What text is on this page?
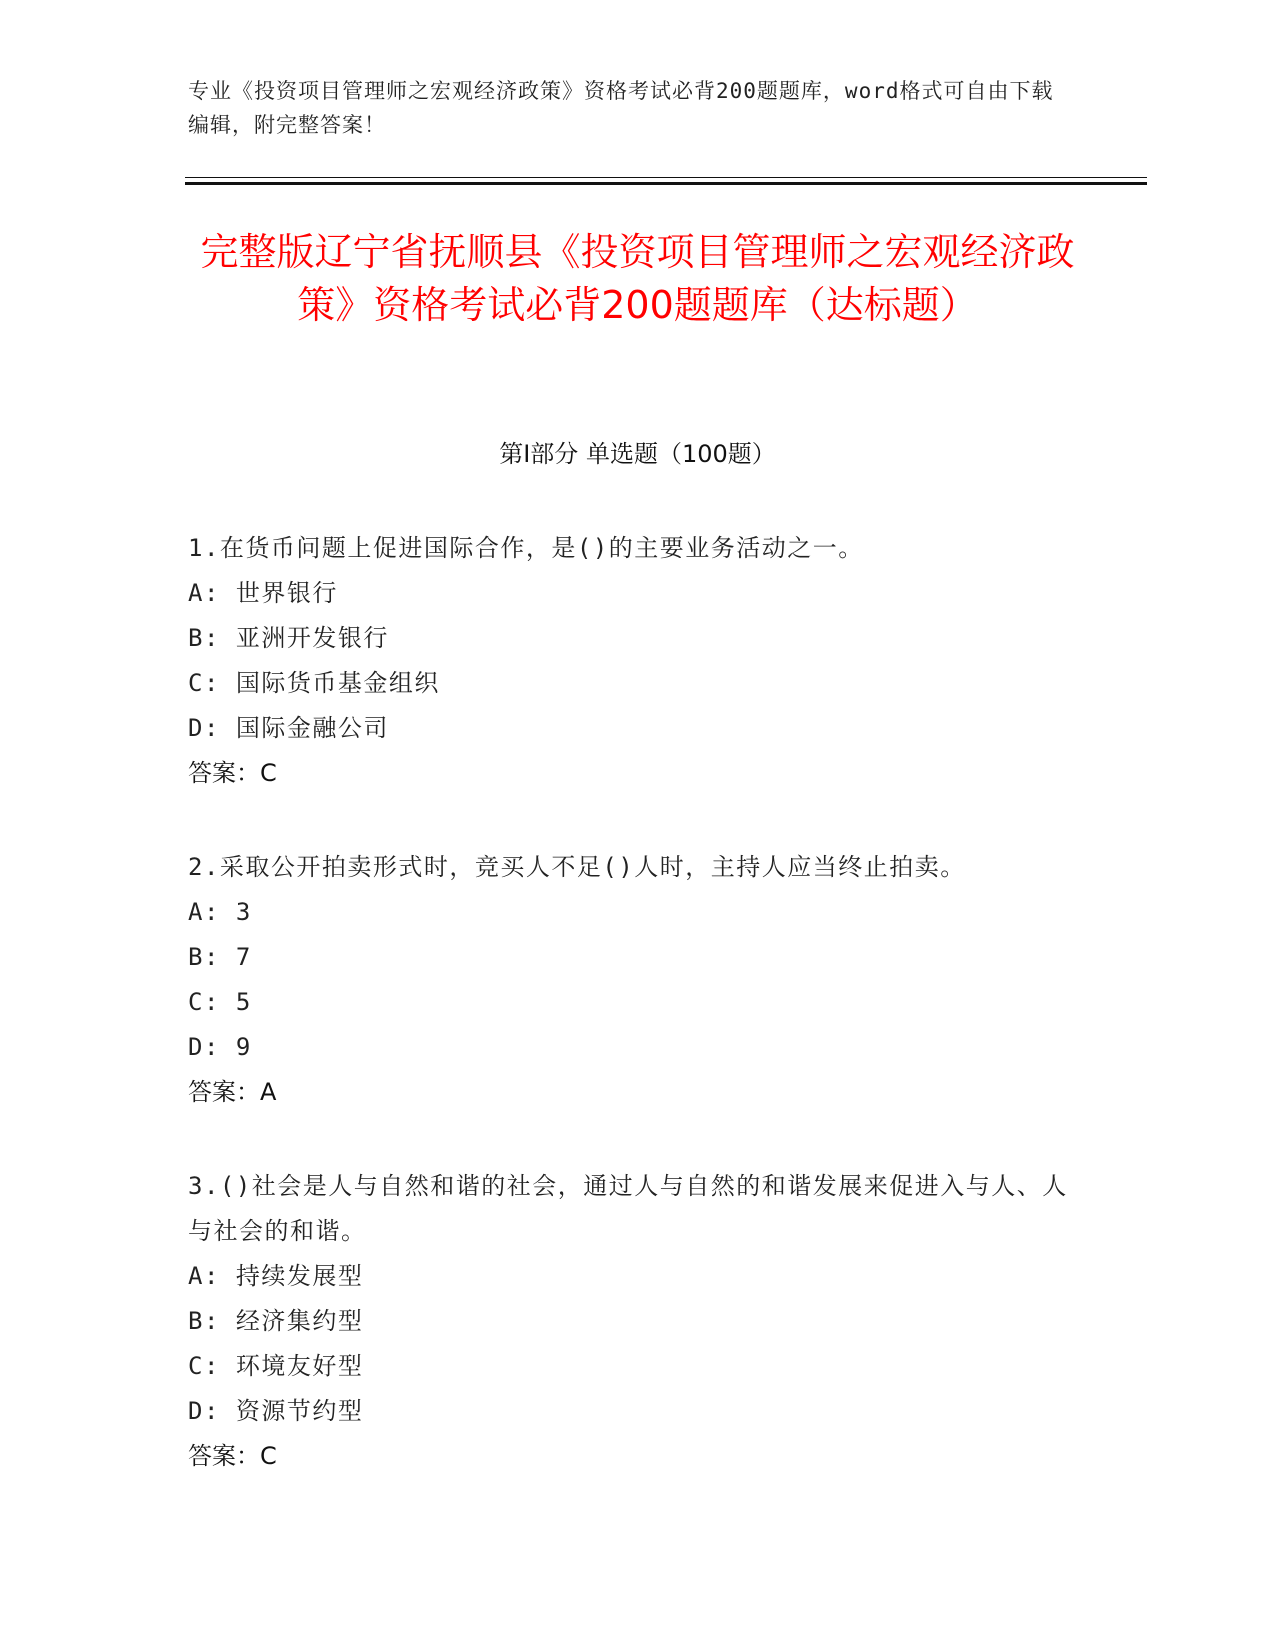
专业《投资项目管理师之宏观经济政策》资格考试必背200题题库，word格式可自由下载编辑，附完整答案！
完整版辽宁省抚顺县《投资项目管理师之宏观经济政策》资格考试必背200题题库（达标题）
第Ⅰ部分 单选题（100题）

1.在货币问题上促进国际合作，是()的主要业务活动之一。

A: 世界银行

B: 亚洲开发银行

C: 国际货币基金组织

D: 国际金融公司

答案：C

2.采取公开拍卖形式时，竞买人不足()人时，主持人应当终止拍卖。

A: 3

B: 7

C: 5

D: 9

答案：A

3.()社会是人与自然和谐的社会，通过人与自然的和谐发展来促进入与人、人与社会的和谐。

A: 持续发展型

B: 经济集约型

C: 环境友好型

D: 资源节约型

答案：C
